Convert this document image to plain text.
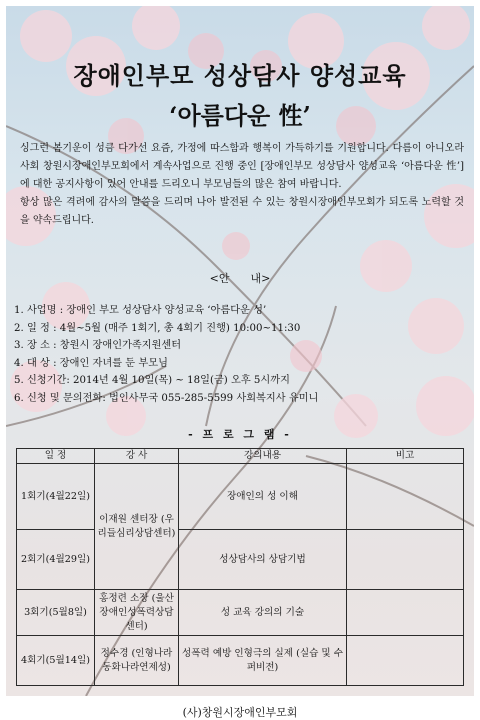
장애인부모 성상담사 양성교육
‘아름다운 性’

싱그런 봄기운이 성큼 다가선 요즘, 가정에 따스함과 행복이 가득하기를 기원합니다. 다름이 아니오라 사회 창원시장애인부모회에서 계속사업으로 진행 중인 [장애인부모 성상담사 양성교육 ‘아름다운 性’] 에 대한 공지사항이 있어 안내를 드리오니 부모님들의 많은 참여 바랍니다.

항상 많은 격려에 감사의 말씀을 드리며 나아 발전된 수 있는 창원시장애인부모회가 되도록 노력할 것을 약속드립니다.

<안      내>
1. 사업명 : 장애인 부모 성상담사 양성교육 ‘아름다운 성’
2. 일 정 : 4월~5월 (매주 1회기, 총 4회기 진행) 10:00~11:30
3. 장 소 : 창원시 장애인가족지원센터
4. 대 상 : 장애인 자녀를 둔 부모님
5. 신청기간: 2014년 4월 10일(목) ~ 18일(금) 오후 5시까지
6. 신청 및 문의전화: 법인사무국 055-285-5599 사회복지사 유미니
- 프 로 그 램 -
일 정	강 사	강의내용	비고
1회기(4월22일)	이재원 센터장 (우리들심리상담센터)	장애인의 성 이해	
2회기(4월29일)		성상담사의 상담기법	
3회기(5월8일)	홍정련 소장 (울산장애인성폭력상담센터)	성 교육 강의의 기술	
4회기(5월14일)	정수경 (인형나라동화나라연제성)	성폭력 예방 인형극의 실제 (실습 및 수퍼비전)	
(사)창원시장애인부모회
